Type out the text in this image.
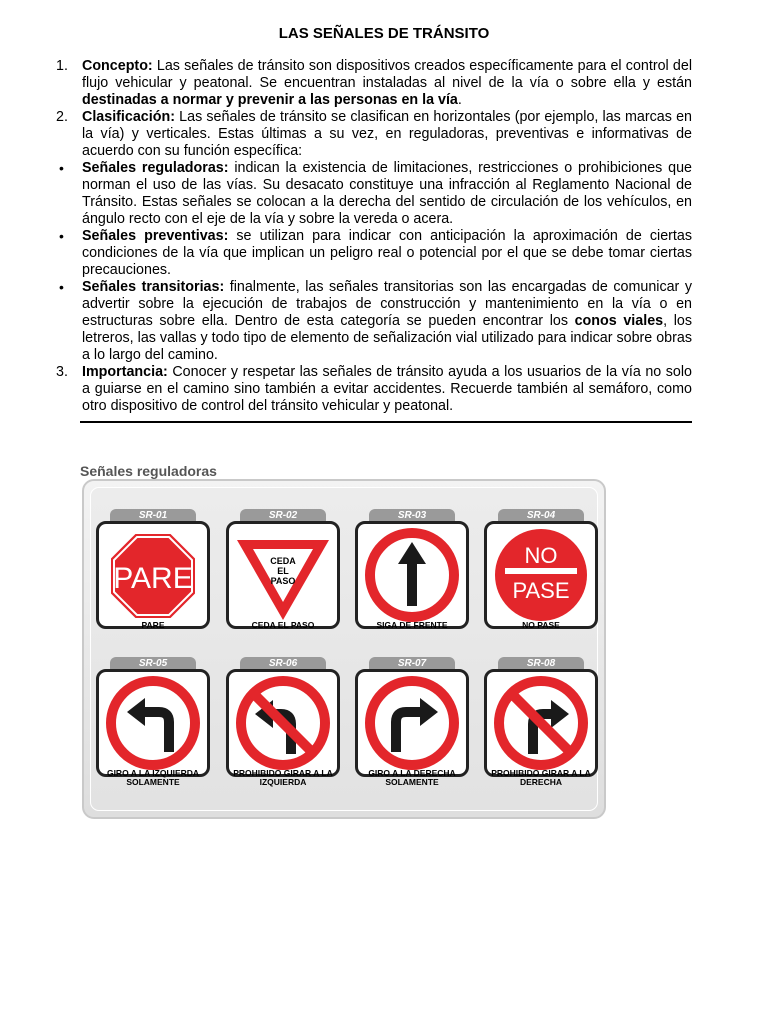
LAS SEÑALES DE TRÁNSITO
1. Concepto: Las señales de tránsito son dispositivos creados específicamente para el control del flujo vehicular y peatonal. Se encuentran instaladas al nivel de la vía o sobre ella y están destinadas a normar y prevenir a las personas en la vía.
2. Clasificación: Las señales de tránsito se clasifican en horizontales (por ejemplo, las marcas en la vía) y verticales. Estas últimas a su vez, en reguladoras, preventivas e informativas de acuerdo con su función específica:
• Señales reguladoras: indican la existencia de limitaciones, restricciones o prohibiciones que norman el uso de las vías. Su desacato constituye una infracción al Reglamento Nacional de Tránsito. Estas señales se colocan a la derecha del sentido de circulación de los vehículos, en ángulo recto con el eje de la vía y sobre la vereda o acera.
• Señales preventivas: se utilizan para indicar con anticipación la aproximación de ciertas condiciones de la vía que implican un peligro real o potencial por el que se debe tomar ciertas precauciones.
• Señales transitorias: finalmente, las señales transitorias son las encargadas de comunicar y advertir sobre la ejecución de trabajos de construcción y mantenimiento en la vía o en estructuras sobre ella. Dentro de esta categoría se pueden encontrar los conos viales, los letreros, las vallas y todo tipo de elemento de señalización vial utilizado para indicar sobre obras a lo largo del camino.
3. Importancia: Conocer y respetar las señales de tránsito ayuda a los usuarios de la vía no solo a guiarse en el camino sino también a evitar accidentes. Recuerde también al semáforo, como otro dispositivo de control del tránsito vehicular y peatonal.
Señales reguladoras
SR-01
PARE
PARE
SR-02
CEDA
EL
PASO
CEDA EL PASO
SR-03
SIGA DE FRENTE
SR-04
NO
PASE
NO PASE
SR-05
GIRO A LA IZQUIERDA SOLAMENTE
SR-06
PROHIBIDO GIRAR A LA IZQUIERDA
SR-07
GIRO A LA DERECHA SOLAMENTE
SR-08
PROHIBIDO GIRAR A LA DERECHA
